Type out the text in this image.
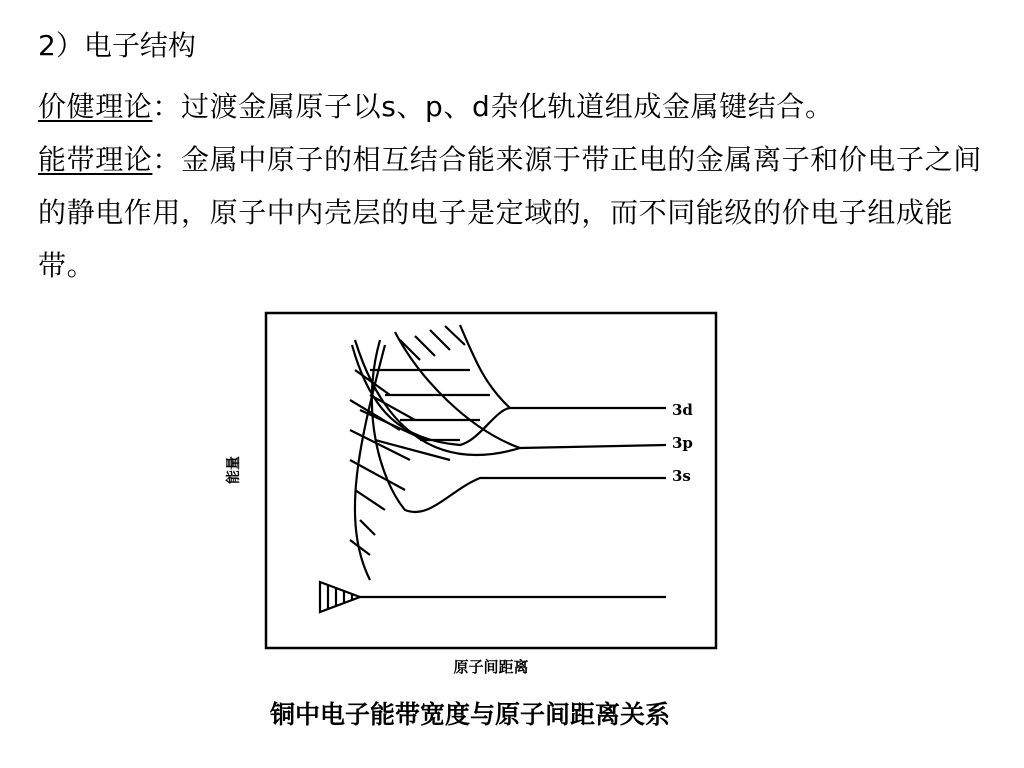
2）电子结构
价健理论：过渡金属原子以s、p、d杂化轨道组成金属键结合。
能带理论：金属中原子的相互结合能来源于带正电的金属离子和价电子之间的静电作用，原子中内壳层的电子是定域的，而不同能级的价电子组成能带。
3d
3p
3s
能量
原子间距离
铜中电子能带宽度与原子间距离关系
